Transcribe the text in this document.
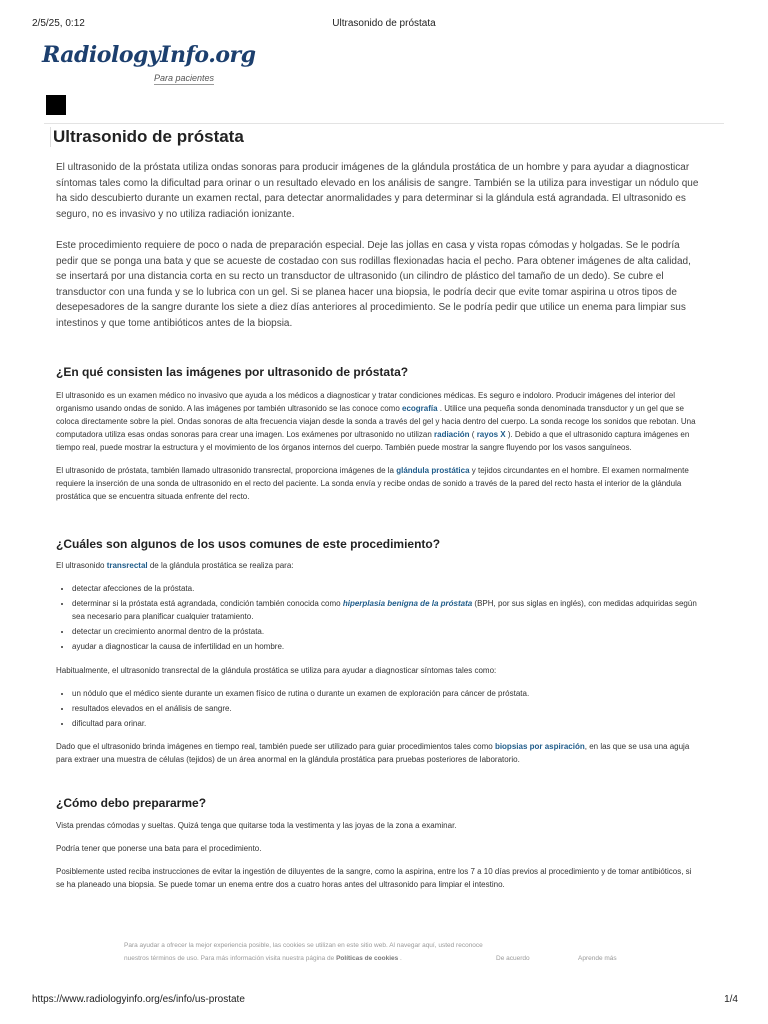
2/5/25, 0:12	Ultrasonido de próstata
RadiologyInfo.org
Para pacientes
Ultrasonido de próstata

El ultrasonido de la próstata utiliza ondas sonoras para producir imágenes de la glándula prostática de un hombre y para ayudar a diagnosticar síntomas tales como la dificultad para orinar o un resultado elevado en los análisis de sangre. También se la utiliza para investigar un nódulo que ha sido descubierto durante un examen rectal, para detectar anormalidades y para determinar si la glándula está agrandada. El ultrasonido es seguro, no es invasivo y no utiliza radiación ionizante.

Este procedimiento requiere de poco o nada de preparación especial. Deje las jollas en casa y vista ropas cómodas y holgadas. Se le podría pedir que se ponga una bata y que se acueste de costadao con sus rodillas flexionadas hacia el pecho. Para obtener imágenes de alta calidad, se insertará por una distancia corta en su recto un transductor de ultrasonido (un cilindro de plástico del tamaño de un dedo). Se cubre el transductor con una funda y se lo lubrica con un gel. Si se planea hacer una biopsia, le podría decir que evite tomar aspirina u otros tipos de desepesadores de la sangre durante los siete a diez días anteriores al procedimiento. Se le podría pedir que utilice un enema para limpiar sus intestinos y que tome antibióticos antes de la biopsia.

¿En qué consisten las imágenes por ultrasonido de próstata?

El ultrasonido es un examen médico no invasivo que ayuda a los médicos a diagnosticar y tratar condiciones médicas. Es seguro e indoloro. Producir imágenes del interior del organismo usando ondas de sonido. A las imágenes por también ultrasonido se las conoce como ecografía . Utilice una pequeña sonda denominada transductor y un gel que se coloca directamente sobre la piel. Ondas sonoras de alta frecuencia viajan desde la sonda a través del gel y hacia dentro del cuerpo. La sonda recoge los sonidos que rebotan. Una computadora utiliza esas ondas sonoras para crear una imagen. Los exámenes por ultrasonido no utilizan radiación ( rayos X ). Debido a que el ultrasonido captura imágenes en tiempo real, puede mostrar la estructura y el movimiento de los órganos internos del cuerpo. También puede mostrar la sangre fluyendo por los vasos sanguíneos.

El ultrasonido de próstata, también llamado ultrasonido transrectal, proporciona imágenes de la glándula prostática y tejidos circundantes en el hombre. El examen normalmente requiere la inserción de una sonda de ultrasonido en el recto del paciente. La sonda envía y recibe ondas de sonido a través de la pared del recto hasta el interior de la glándula prostática que se encuentra situada enfrente del recto.

¿Cuáles son algunos de los usos comunes de este procedimiento?

El ultrasonido transrectal de la glándula prostática se realiza para:

• detectar afecciones de la próstata.
• determinar si la próstata está agrandada, condición también conocida como hiperplasia benigna de la próstata (BPH, por sus siglas en inglés), con medidas adquiridas según sea necesario para planificar cualquier tratamiento.
• detectar un crecimiento anormal dentro de la próstata.
• ayudar a diagnosticar la causa de infertilidad en un hombre.

Habitualmente, el ultrasonido transrectal de la glándula prostática se utiliza para ayudar a diagnosticar síntomas tales como:

• un nódulo que el médico siente durante un examen físico de rutina o durante un examen de exploración para cáncer de próstata.
• resultados elevados en el análisis de sangre.
• dificultad para orinar.

Dado que el ultrasonido brinda imágenes en tiempo real, también puede ser utilizado para guiar procedimientos tales como biopsias por aspiración, en las que se usa una aguja para extraer una muestra de células (tejidos) de un área anormal en la glándula prostática para pruebas posteriores de laboratorio.

¿Cómo debo prepararme?

Vista prendas cómodas y sueltas. Quizá tenga que quitarse toda la vestimenta y las joyas de la zona a examinar.

Podría tener que ponerse una bata para el procedimiento.

Posiblemente usted reciba instrucciones de evitar la ingestión de diluyentes de la sangre, como la aspirina, entre los 7 a 10 días previos al procedimiento y de tomar antibióticos, si se ha planeado una biopsia. Se puede tomar un enema entre dos a cuatro horas antes del ultrasonido para limpiar el intestino.

Para ayudar a ofrecer la mejor experiencia posible, las cookies se utilizan en este sitio web. Al navegar aquí, usted reconoce nuestros términos de uso. Para más información visita nuestra página de Políticas de cookies .	De acuerdo	Aprende más
https://www.radiologyinfo.org/es/info/us-prostate	1/4
